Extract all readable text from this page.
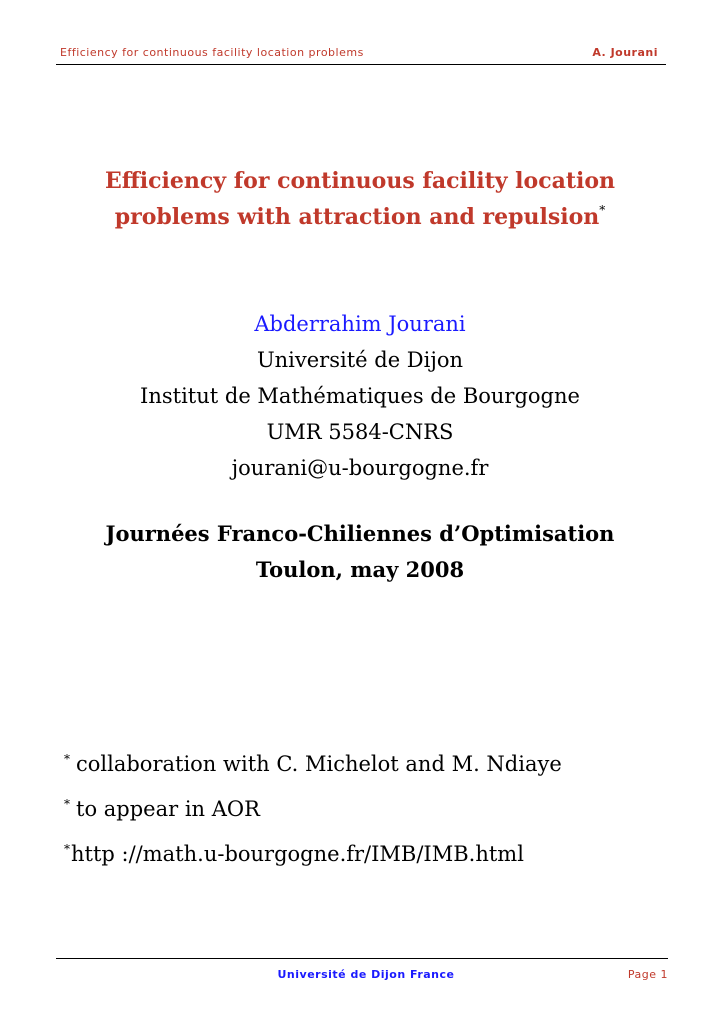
Efficiency for continuous facility location problems	A. Jourani
Efficiency for continuous facility location
problems with attraction and repulsion*
Abderrahim Jourani
Université de Dijon
Institut de Mathématiques de Bourgogne
UMR 5584-CNRS
jourani@u-bourgogne.fr
Journées Franco-Chiliennes d’Optimisation
Toulon, may 2008
* collaboration with C. Michelot and M. Ndiaye
* to appear in AOR
*http ://math.u-bourgogne.fr/IMB/IMB.html
Université de Dijon France	Page 1
